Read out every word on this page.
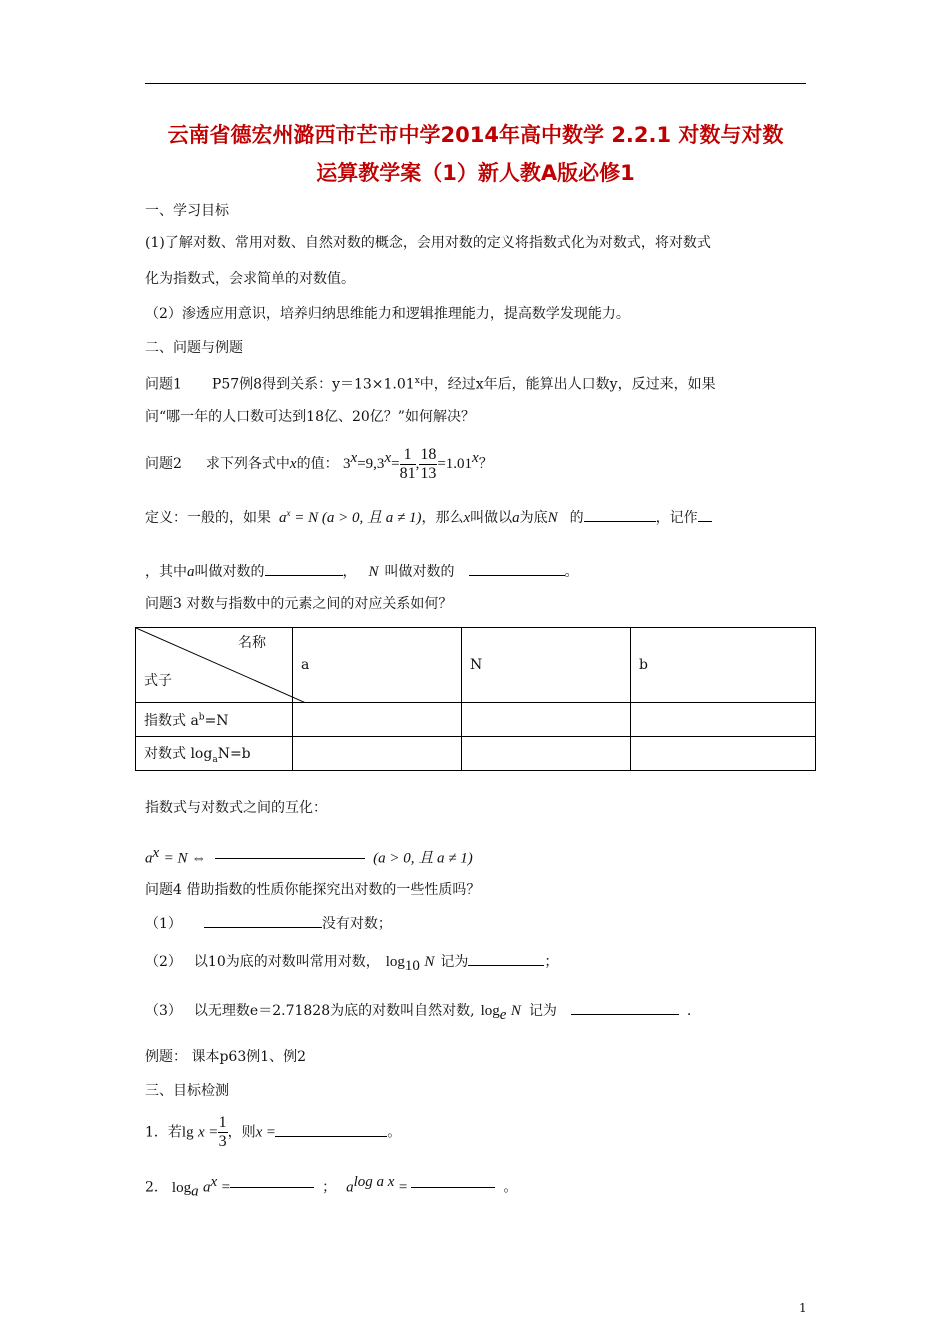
云南省德宏州潞西市芒市中学2014年高中数学 2.2.1 对数与对数
运算教学案（1）新人教A版必修1
一、学习目标
(1)了解对数、常用对数、自然对数的概念，会用对数的定义将指数式化为对数式，将对数式
化为指数式，会求简单的对数值。
（2）渗透应用意识，培养归纳思维能力和逻辑推理能力，提高数学发现能力。
二、问题与例题
问题1 P57例8得到关系：$y=13\times 1.01^x$中，经过x年后，能算出人口数y，反过来，如果
问“哪一年的人口数可达到18亿、20亿？”如何解决？
问题2 求下列各式中x的值： $3^x=9,3^x= \frac{1}{81}$ , $\frac{18}{13} =1.01^x$？
定义：一般的，如果 $a^x = N$ (a > 0, 且 a ≠ 1)，那么x叫做以a为底N 的	，记作
，其中a叫做对数的	， N 叫做对数的	。
问题3 对数与指数中的元素之间的对应关系如何？
名称
式子	a	N	b
指数式 $a^b=N$			
对数式 $\log_aN=b$			
指数式与对数式之间的互化：
$a^x = N$ ⇔	(a > 0, 且 a ≠ 1)
问题4 借助指数的性质你能探究出对数的一些性质吗？
（1）	没有对数；
（2） 以10为底的对数叫常用对数， $\log_{10} N$ 记为	；
（3） 以无理数e＝2.71828为底的对数叫自然对数, $\log_e N$ 记为	.
例题： 课本p63例1、例2
三、目标检测
1．若$\lg x = \frac{1}{3}$ ，则x =	。
2． $\log_a a^x$ =	； $a^{log a x}$ =	。
1
